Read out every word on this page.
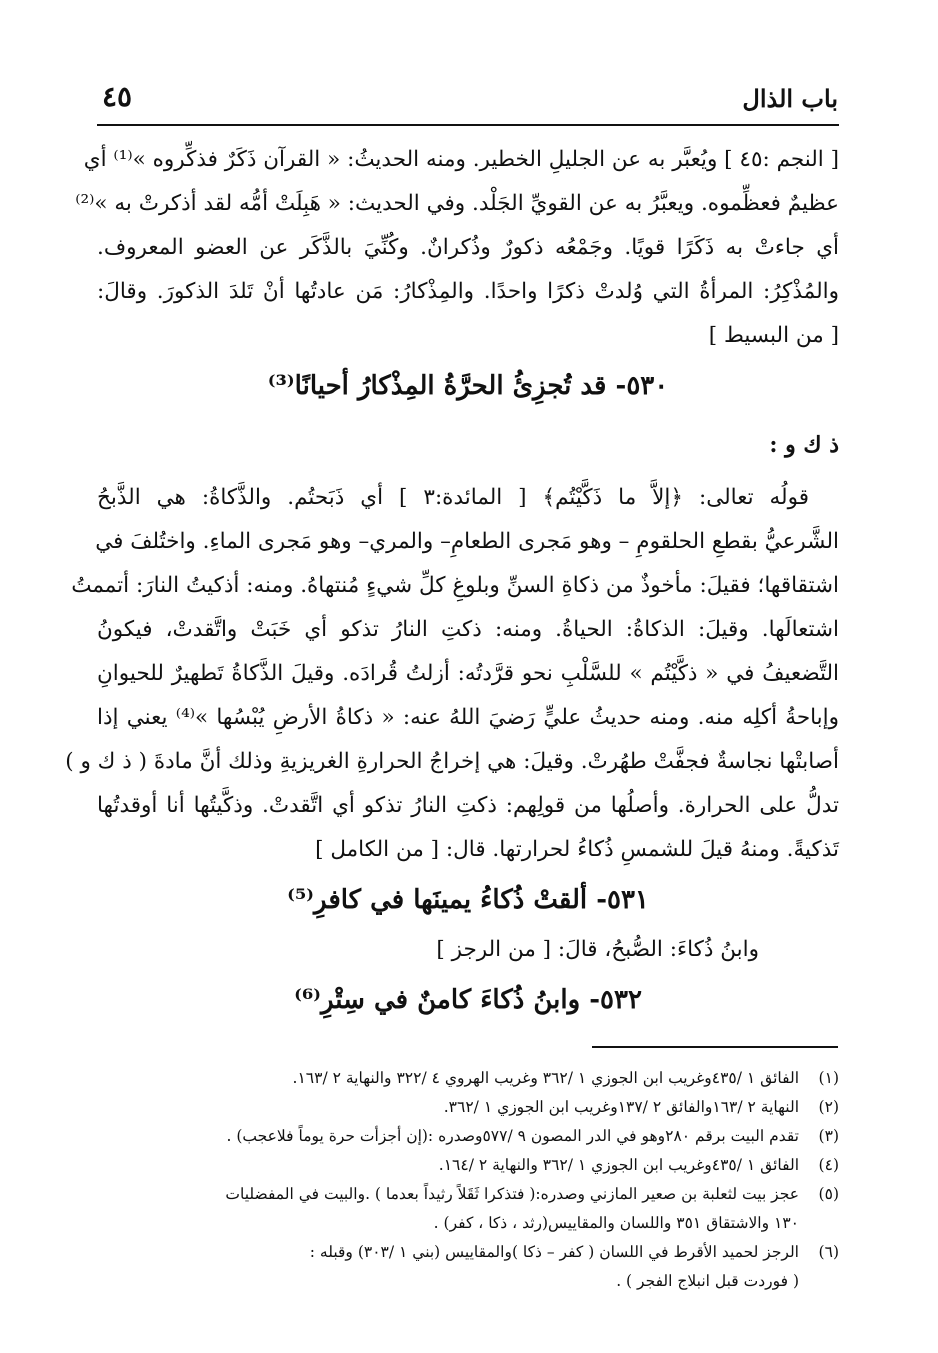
باب الذال
٤٥
[ النجم :٤٥ ] ويُعبَّر به عن الجليلِ الخطير. ومنه الحديثُ: « القرآن ذَكَرٌ فذكِّروه »⁽¹⁾ أي
عظيمٌ فعظِّموه. ويعبَّرُ به عن القويِّ الجَلْد. وفي الحديث: « هَبِلَتْ أمُّه لقد أذكرتْ به »⁽²⁾
أي جاءتْ به ذَكَرًا قويًا. وجَمْعُه ذكورٌ وذُكرانٌ. وكُنِّيَ بالذَّكَر عن العضو المعروف.
والمُذْكِرُ: المرأةُ التي وُلدتْ ذكرًا واحدًا. والمِذْكارُ: مَن عادتُها أنْ تَلدَ الذكورَ. وقالَ:
[ من البسيط ]
٥٣٠- قد تُجزِئُ الحرَّةُ المِذْكارُ أحيانًا⁽³⁾
ذ ك و :
قولُه تعالى: ﴿إلاَّ ما ذَكَّيْتُم﴾ [ المائدة:٣ ] أي ذَبَحتُم. والذَّكاةُ: هي الذَّبحُ
الشَّرعيُّ بقطعِ الحلقومِ – وهو مَجرى الطعامِ– والمري– وهو مَجرى الماءِ. واختُلفَ في
اشتقاقها؛ فقيلَ: مأخوذٌ من ذكاةِ السنِّ وبلوغِ كلِّ شيءٍ مُنتهاهُ. ومنه: أذكيتُ النارَ: أتممتُ
اشتعالَها. وقيلَ: الذكاةُ: الحياةُ. ومنه: ذكتِ النارُ تذكو أي خَبَتْ واتَّقدتْ، فيكونُ
التَّضعيفُ في « ذكَّيْتُم » للسَّلْبِ نحو قرَّدتُه: أزلتُ قُرادَه. وقيلَ الذَّكاةُ تَطهيرٌ للحيوانِ
وإباحةُ أكلِه منه. ومنه حديثُ عليٍّ رَضيَ اللهُ عنه: « ذكاةُ الأرضِ يُبْسُها »⁽⁴⁾ يعني إذا
أصابتْها نجاسةٌ فجفَّتْ طهُرتْ. وقيلَ: هي إخراجُ الحرارةِ الغريزيةِ وذلك أنَّ مادةَ ( ذ ك و )
تدلُّ على الحرارة. وأصلُها من قولِهم: ذكتِ النارُ تذكو أي اتَّقدتْ. وذكَّيتُها أنا أوقدتُها
تَذكيةً. ومنهُ قيلَ للشمسِ ذُكاءُ لحرارتها. قال: [ من الكامل ]
٥٣١- ألقتْ ذُكاءُ يمينَها في كافرِ⁽⁵⁾
وابنُ ذُكاءَ: الصُّبحُ، قالَ: [ من الرجز ]
٥٣٢- وابنُ ذُكاءَ كامنٌ في سِتْرِ⁽⁶⁾
(١)الفائق ١ /٤٣٥وغريب ابن الجوزي ١ /٣٦٢ وغريب الهروي ٤ /٣٢٢ والنهاية ٢ /١٦٣.
(٢)النهاية ٢ /١٦٣والفائق ٢ /١٣٧وغريب ابن الجوزي ١ /٣٦٢.
(٣)تقدم البيت برقم ٢٨٠وهو في الدر المصون ٩ /٥٧٧وصدره :(إن أجزأت حرة يوماً فلاعجب) .
(٤)الفائق ١ /٤٣٥وغريب ابن الجوزي ١ /٣٦٢ والنهاية ٢ /١٦٤.
(٥)عجز بيت لثعلبة بن صعير المازني وصدره:( فتذكرا ثَقَلاً رثيداً بعدما ) .والبيت في المفضليات
١٣٠ والاشتقاق ٣٥١ واللسان والمقاييس(رثد ، ذكا ، كفر) .
(٦)الرجز لحميد الأقرط في اللسان ( كفر – ذكا )والمقاييس (بني ١ /٣٠٣) وقبله :
( فوردت قبل انبلاج الفجر ) .
